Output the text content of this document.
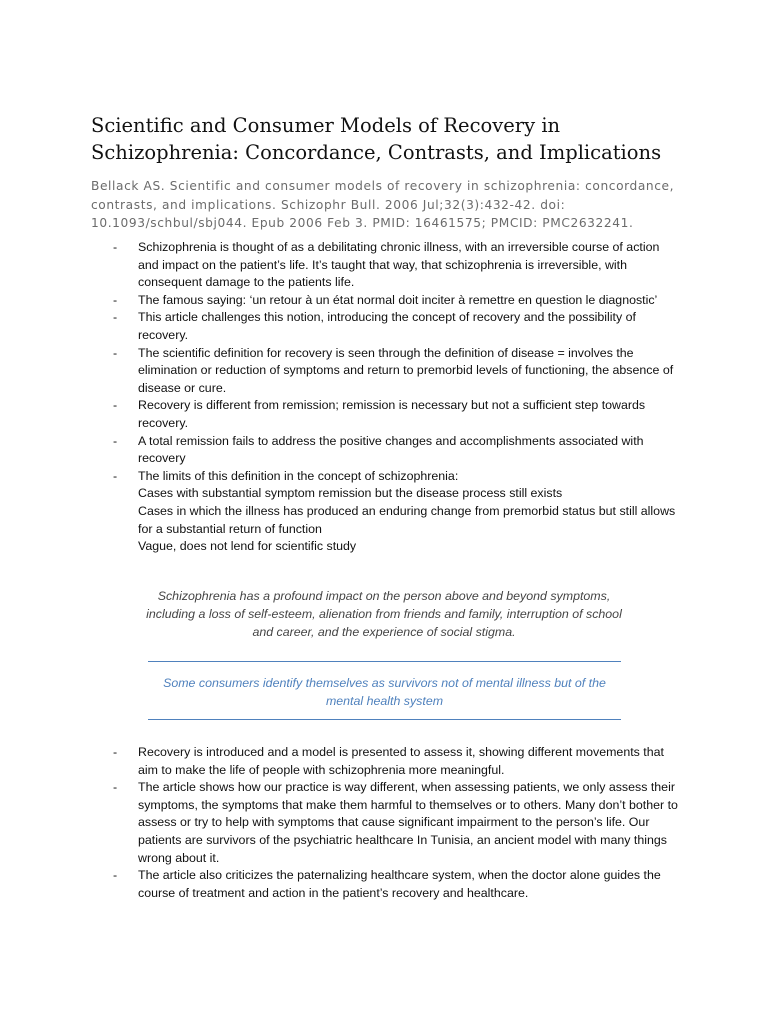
Scientific and Consumer Models of Recovery in Schizophrenia: Concordance, Contrasts, and Implications

Bellack AS. Scientific and consumer models of recovery in schizophrenia: concordance, contrasts, and implications. Schizophr Bull. 2006 Jul;32(3):432-42. doi: 10.1093/schbul/sbj044. Epub 2006 Feb 3. PMID: 16461575; PMCID: PMC2632241.

- Schizophrenia is thought of as a debilitating chronic illness, with an irreversible course of action and impact on the patient’s life. It’s taught that way, that schizophrenia is irreversible, with consequent damage to the patients life.
- The famous saying: ‘un retour à un état normal doit inciter à remettre en question le diagnostic’
- This article challenges this notion, introducing the concept of recovery and the possibility of recovery.
- The scientific definition for recovery is seen through the definition of disease = involves the elimination or reduction of symptoms and return to premorbid levels of functioning, the absence of disease or cure.
- Recovery is different from remission; remission is necessary but not a sufficient step towards recovery.
- A total remission fails to address the positive changes and accomplishments associated with recovery
- The limits of this definition in the concept of schizophrenia:
Cases with substantial symptom remission but the disease process still exists
Cases in which the illness has produced an enduring change from premorbid status but still allows for a substantial return of function
Vague, does not lend for scientific study

Schizophrenia has a profound impact on the person above and beyond symptoms, including a loss of self-esteem, alienation from friends and family, interruption of school and career, and the experience of social stigma.

Some consumers identify themselves as survivors not of mental illness but of the mental health system

- Recovery is introduced and a model is presented to assess it, showing different movements that aim to make the life of people with schizophrenia more meaningful.
- The article shows how our practice is way different, when assessing patients, we only assess their symptoms, the symptoms that make them harmful to themselves or to others. Many don’t bother to assess or try to help with symptoms that cause significant impairment to the person’s life. Our patients are survivors of the psychiatric healthcare In Tunisia, an ancient model with many things wrong about it.
- The article also criticizes the paternalizing healthcare system, when the doctor alone guides the course of treatment and action in the patient’s recovery and healthcare.
